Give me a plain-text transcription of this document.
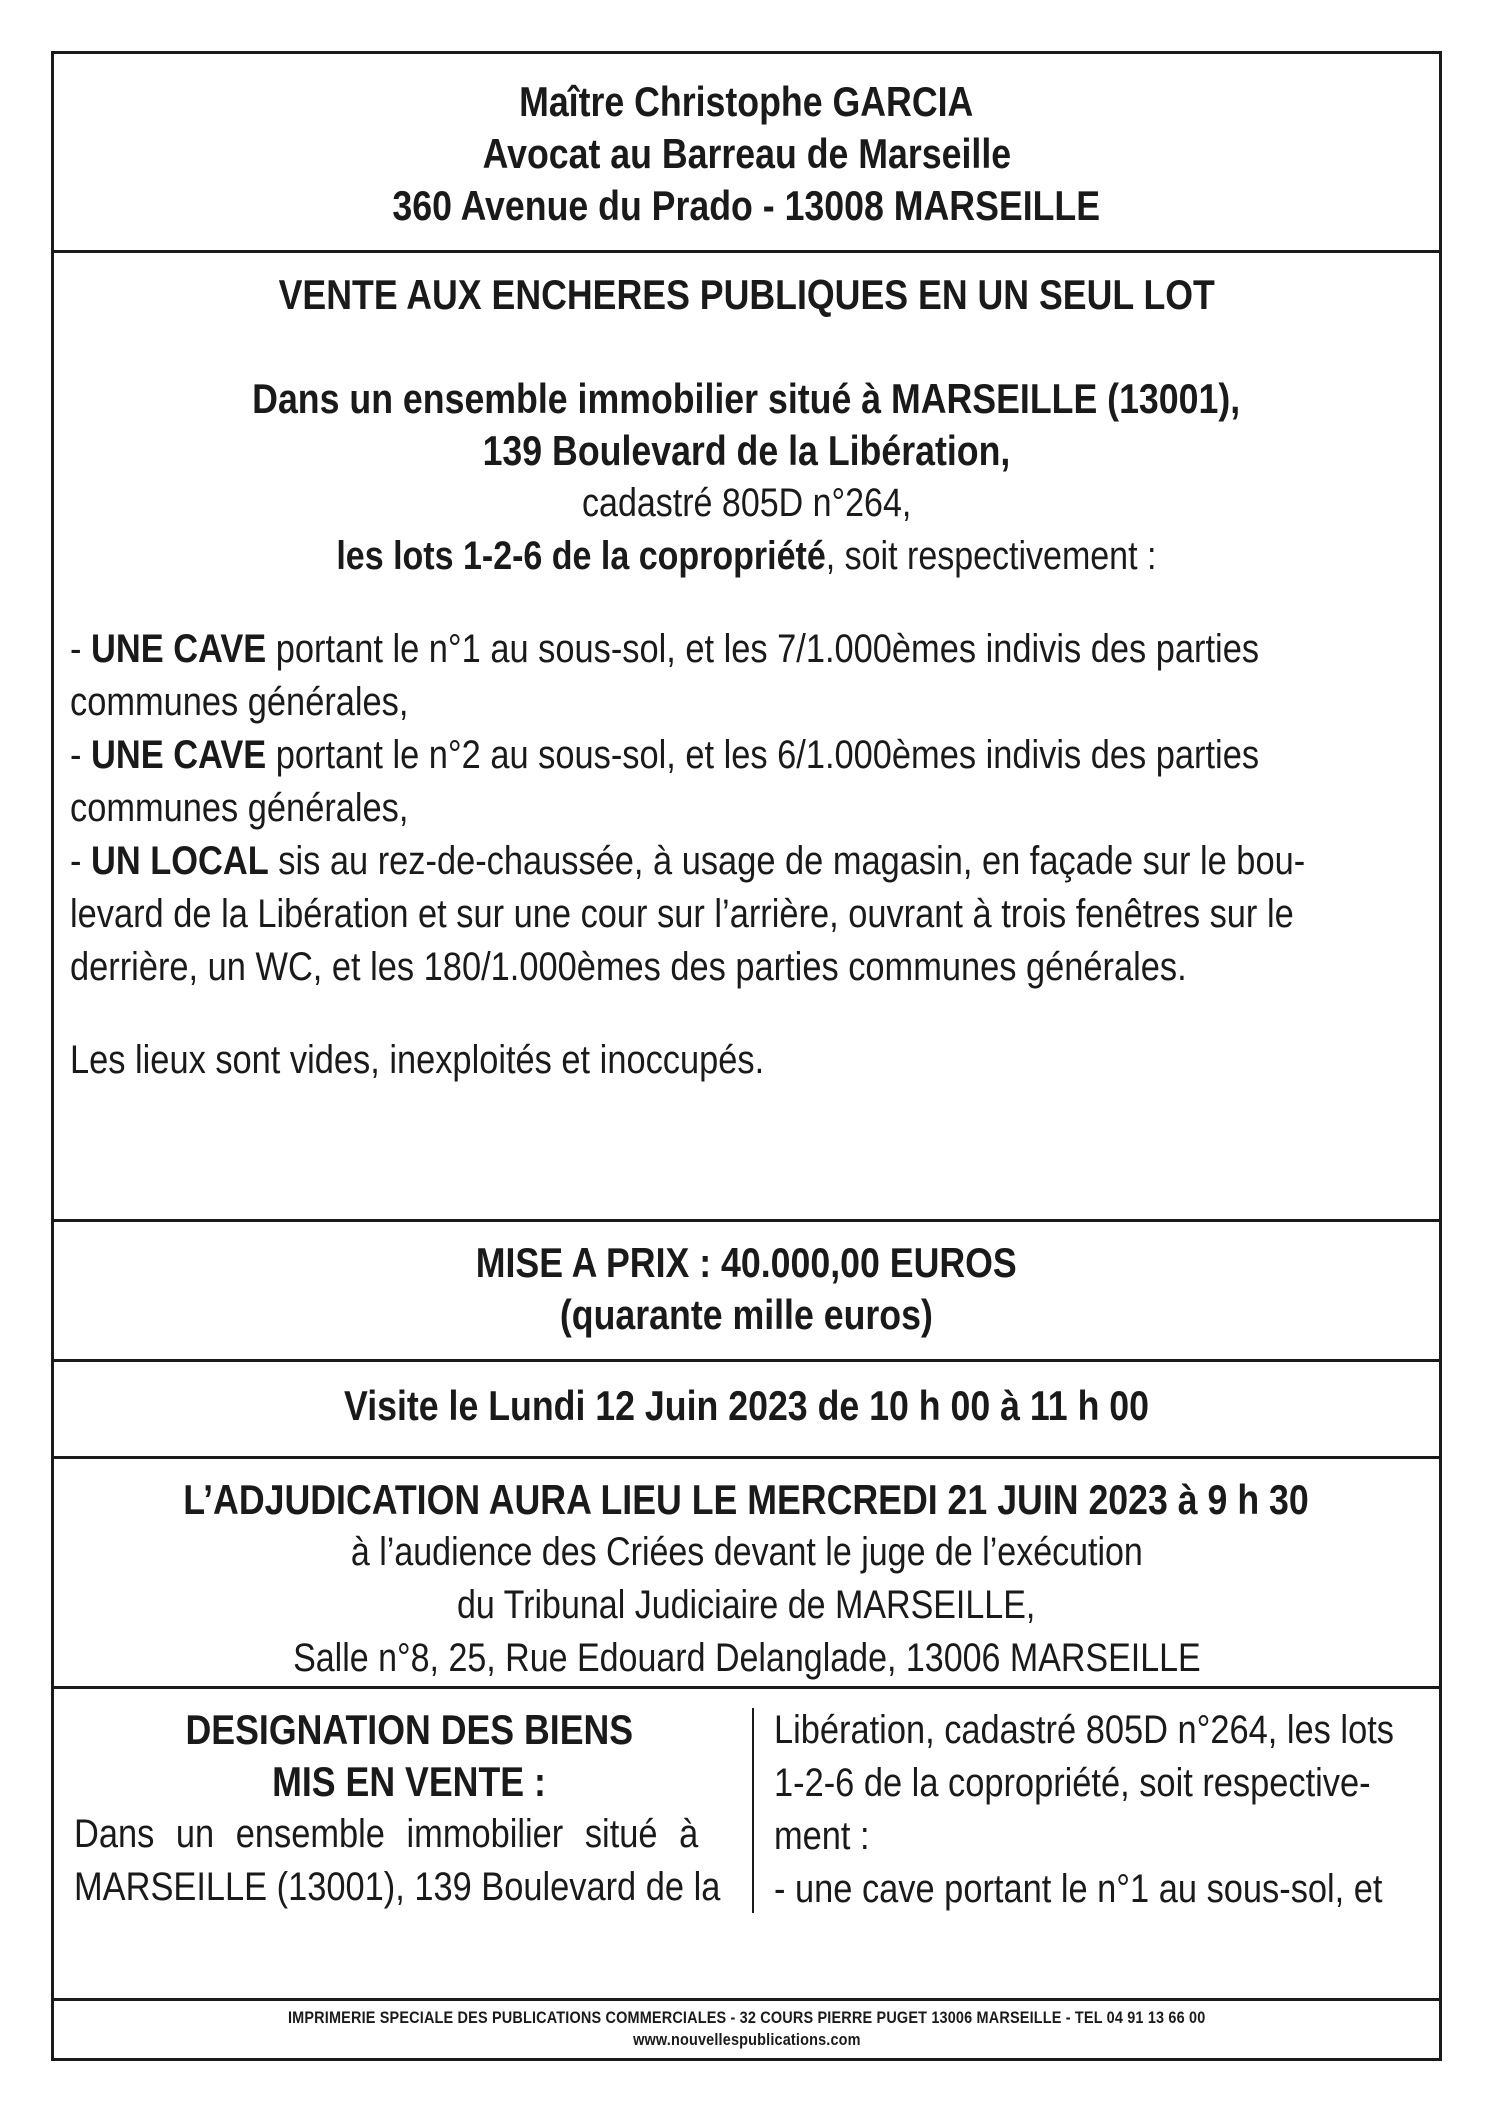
Maître Christophe GARCIA

Avocat au Barreau de Marseille

360 Avenue du Prado - 13008 MARSEILLE

VENTE AUX ENCHERES PUBLIQUES EN UN SEUL LOT

Dans un ensemble immobilier situé à MARSEILLE (13001),

139 Boulevard de la Libération,

cadastré 805D n°264,

les lots 1-2-6 de la copropriété, soit respectivement :

- UNE CAVE portant le n°1 au sous-sol, et les 7/1.000èmes indivis des parties

communes générales,

- UNE CAVE portant le n°2 au sous-sol, et les 6/1.000èmes indivis des parties

communes générales,

- UN LOCAL sis au rez-de-chaussée, à usage de magasin, en façade sur le bou-

levard de la Libération et sur une cour sur l’arrière, ouvrant à trois fenêtres sur le

derrière, un WC, et les 180/1.000èmes des parties communes générales.

Les lieux sont vides, inexploités et inoccupés.

MISE A PRIX : 40.000,00 EUROS

(quarante mille euros)

Visite le Lundi 12 Juin 2023 de 10 h 00 à 11 h 00

L’ADJUDICATION AURA LIEU LE MERCREDI 21 JUIN 2023 à 9 h 30

à l’audience des Criées devant le juge de l’exécution

du Tribunal Judiciaire de MARSEILLE,

Salle n°8, 25, Rue Edouard Delanglade, 13006 MARSEILLE

DESIGNATION DES BIENS

MIS EN VENTE :

Dans un ensemble immobilier situé à

MARSEILLE (13001), 139 Boulevard de la

Libération, cadastré 805D n°264, les lots

1-2-6 de la copropriété, soit respective-

ment :

- une cave portant le n°1 au sous-sol, et

IMPRIMERIE SPECIALE DES PUBLICATIONS COMMERCIALES - 32 COURS PIERRE PUGET 13006 MARSEILLE - TEL 04 91 13 66 00

www.nouvellespublications.com
